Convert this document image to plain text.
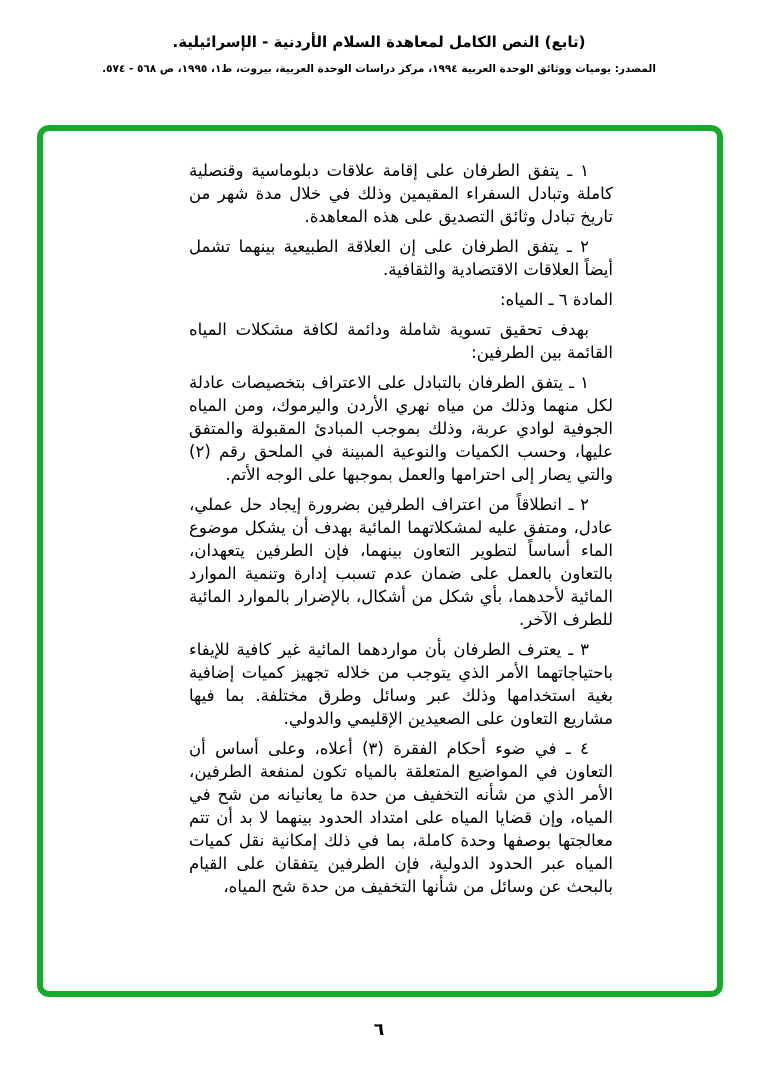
(تابع) النص الكامل لمعاهدة السلام الأردنية - الإسرائيلية.
المصدر: يوميات ووثائق الوحدة العربية ١٩٩٤، مركز دراسات الوحدة العربية، بيروت، ط١، ١٩٩٥، ص ٥٦٨ - ٥٧٤.

١ ـ يتفق الطرفان على إقامة علاقات دبلوماسية وقنصلية كاملة وتبادل السفراء المقيمين وذلك في خلال مدة شهر من تاريخ تبادل وثائق التصديق على هذه المعاهدة.

٢ ـ يتفق الطرفان على إن العلاقة الطبيعية بينهما تشمل أيضاً العلاقات الاقتصادية والثقافية.

المادة ٦ ـ المياه:

بهدف تحقيق تسوية شاملة ودائمة لكافة مشكلات المياه القائمة بين الطرفين:

١ ـ يتفق الطرفان بالتبادل على الاعتراف بتخصيصات عادلة لكل منهما وذلك من مياه نهري الأردن واليرموك، ومن المياه الجوفية لوادي عربة، وذلك بموجب المبادئ المقبولة والمتفق عليها، وحسب الكميات والنوعية المبينة في الملحق رقم (٢) والتي يصار إلى احترامها والعمل بموجبها على الوجه الأتم.

٢ ـ انطلاقاً من اعتراف الطرفين بضرورة إيجاد حل عملي، عادل، ومتفق عليه لمشكلاتهما المائية بهدف أن يشكل موضوع الماء أساساً لتطوير التعاون بينهما، فإن الطرفين يتعهدان، بالتعاون بالعمل على ضمان عدم تسبب إدارة وتنمية الموارد المائية لأحدهما، بأي شكل من أشكال، بالإضرار بالموارد المائية للطرف الآخر.

٣ ـ يعترف الطرفان بأن مواردهما المائية غير كافية للإيفاء باحتياجاتهما الأمر الذي يتوجب من خلاله تجهيز كميات إضافية بغية استخدامها وذلك عبر وسائل وطرق مختلفة. بما فيها مشاريع التعاون على الصعيدين الإقليمي والدولي.

٤ ـ في ضوء أحكام الفقرة (٣) أعلاه، وعلى أساس أن التعاون في المواضيع المتعلقة بالمياه تكون لمنفعة الطرفين، الأمر الذي من شأنه التخفيف من حدة ما يعانيانه من شح في المياه، وإن قضايا المياه على امتداد الحدود بينهما لا بد أن تتم معالجتها بوصفها وحدة كاملة، بما في ذلك إمكانية نقل كميات المياه عبر الحدود الدولية، فإن الطرفين يتفقان على القيام بالبحث عن وسائل من شأنها التخفيف من حدة شح المياه،

٦
